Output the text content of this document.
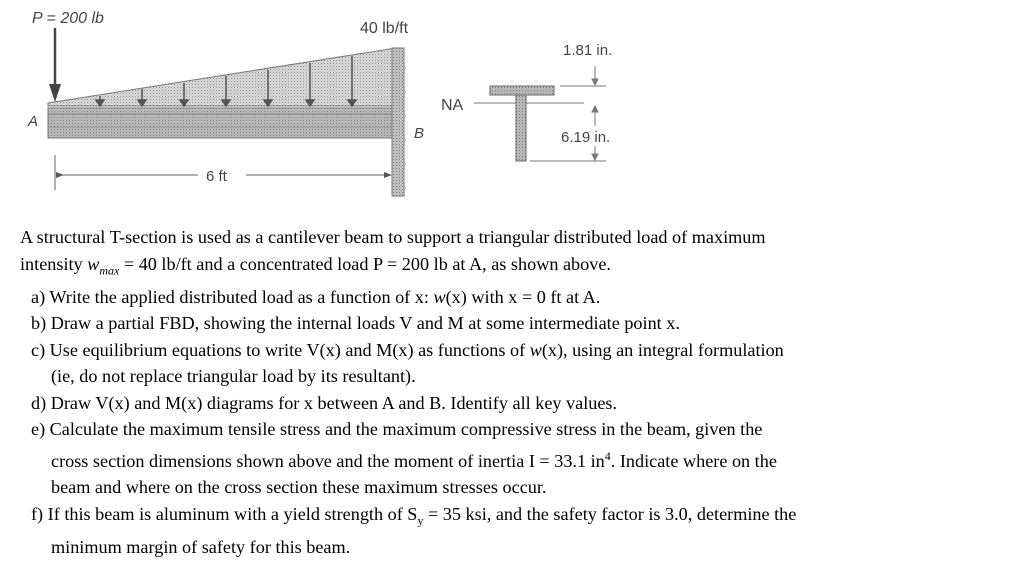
P = 200 lb
40 lb/ft
A
B
6 ft
NA
1.81 in.
6.19 in.
A structural T-section is used as a cantilever beam to support a triangular distributed load of maximum
intensity $w_{max} = 40$ lb/ft and a concentrated load P = 200 lb at A, as shown above.
a) Write the applied distributed load as a function of x: w(x) with x = 0 ft at A.
b) Draw a partial FBD, showing the internal loads V and M at some intermediate point x.
c) Use equilibrium equations to write V(x) and M(x) as functions of w(x), using an integral formulation
(ie, do not replace triangular load by its resultant).
d) Draw V(x) and M(x) diagrams for x between A and B. Identify all key values.
e) Calculate the maximum tensile stress and the maximum compressive stress in the beam, given the
cross section dimensions shown above and the moment of inertia I = 33.1 $in^4$. Indicate where on the
beam and where on the cross section these maximum stresses occur.
f) If this beam is aluminum with a yield strength of $S_y = 35$ ksi, and the safety factor is 3.0, determine the
minimum margin of safety for this beam.
